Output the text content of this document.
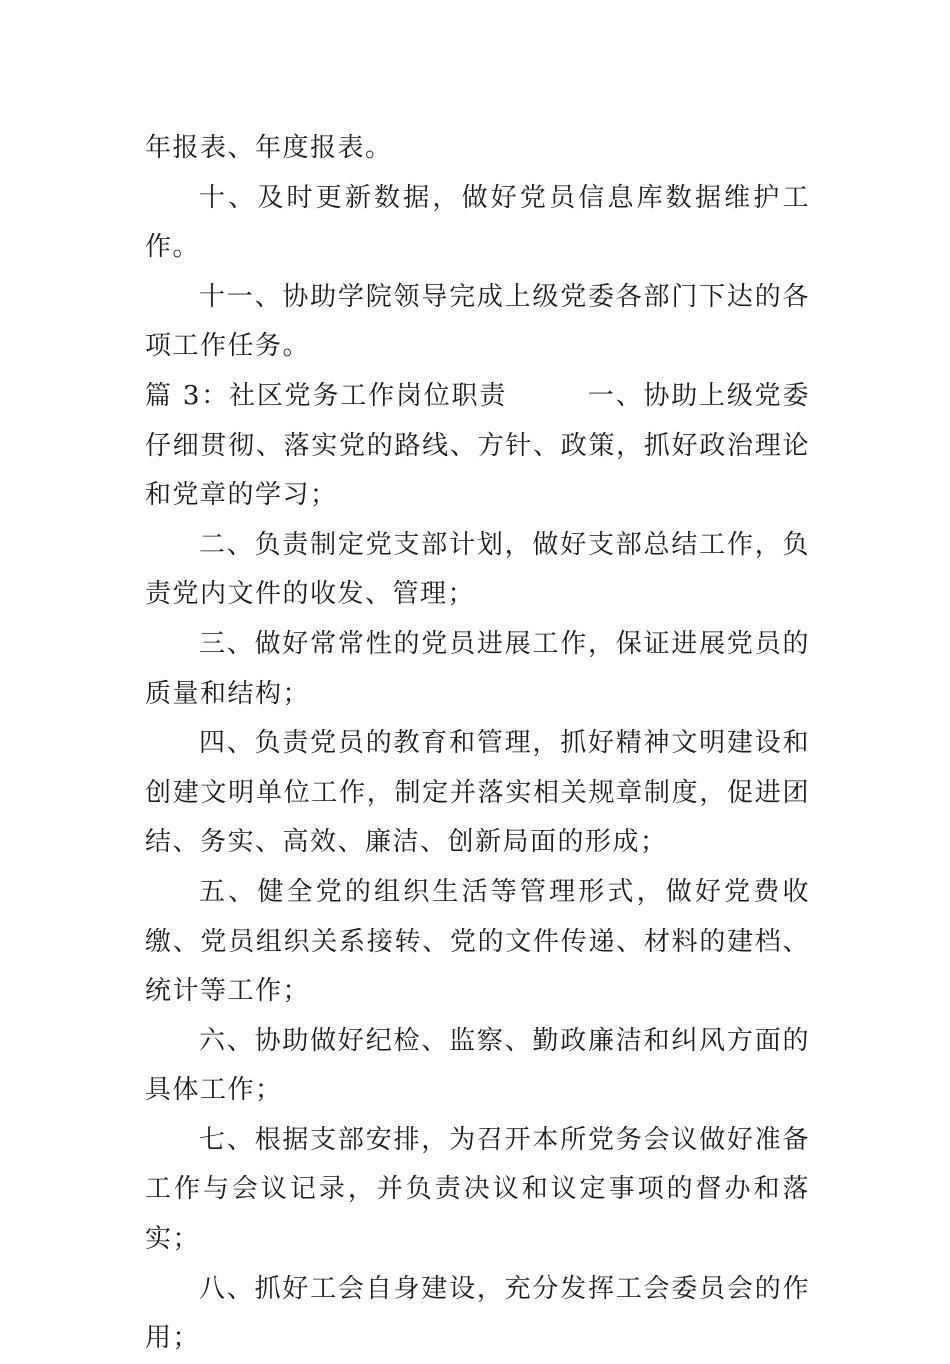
年报表、年度报表。

十、及时更新数据，做好党员信息库数据维护工作。

十一、协助学院领导完成上级党委各部门下达的各项工作任务。

篇 3：社区党务工作岗位职责	一、协助上级党委仔细贯彻、落实党的路线、方针、政策，抓好政治理论和党章的学习；

二、负责制定党支部计划，做好支部总结工作，负责党内文件的收发、管理；

三、做好常常性的党员进展工作，保证进展党员的质量和结构；

四、负责党员的教育和管理，抓好精神文明建设和创建文明单位工作，制定并落实相关规章制度，促进团结、务实、高效、廉洁、创新局面的形成；

五、健全党的组织生活等管理形式，做好党费收缴、党员组织关系接转、党的文件传递、材料的建档、统计等工作；

六、协助做好纪检、监察、勤政廉洁和纠风方面的具体工作；

七、根据支部安排，为召开本所党务会议做好准备工作与会议记录，并负责决议和议定事项的督办和落实；

八、抓好工会自身建设，充分发挥工会委员会的作用；
